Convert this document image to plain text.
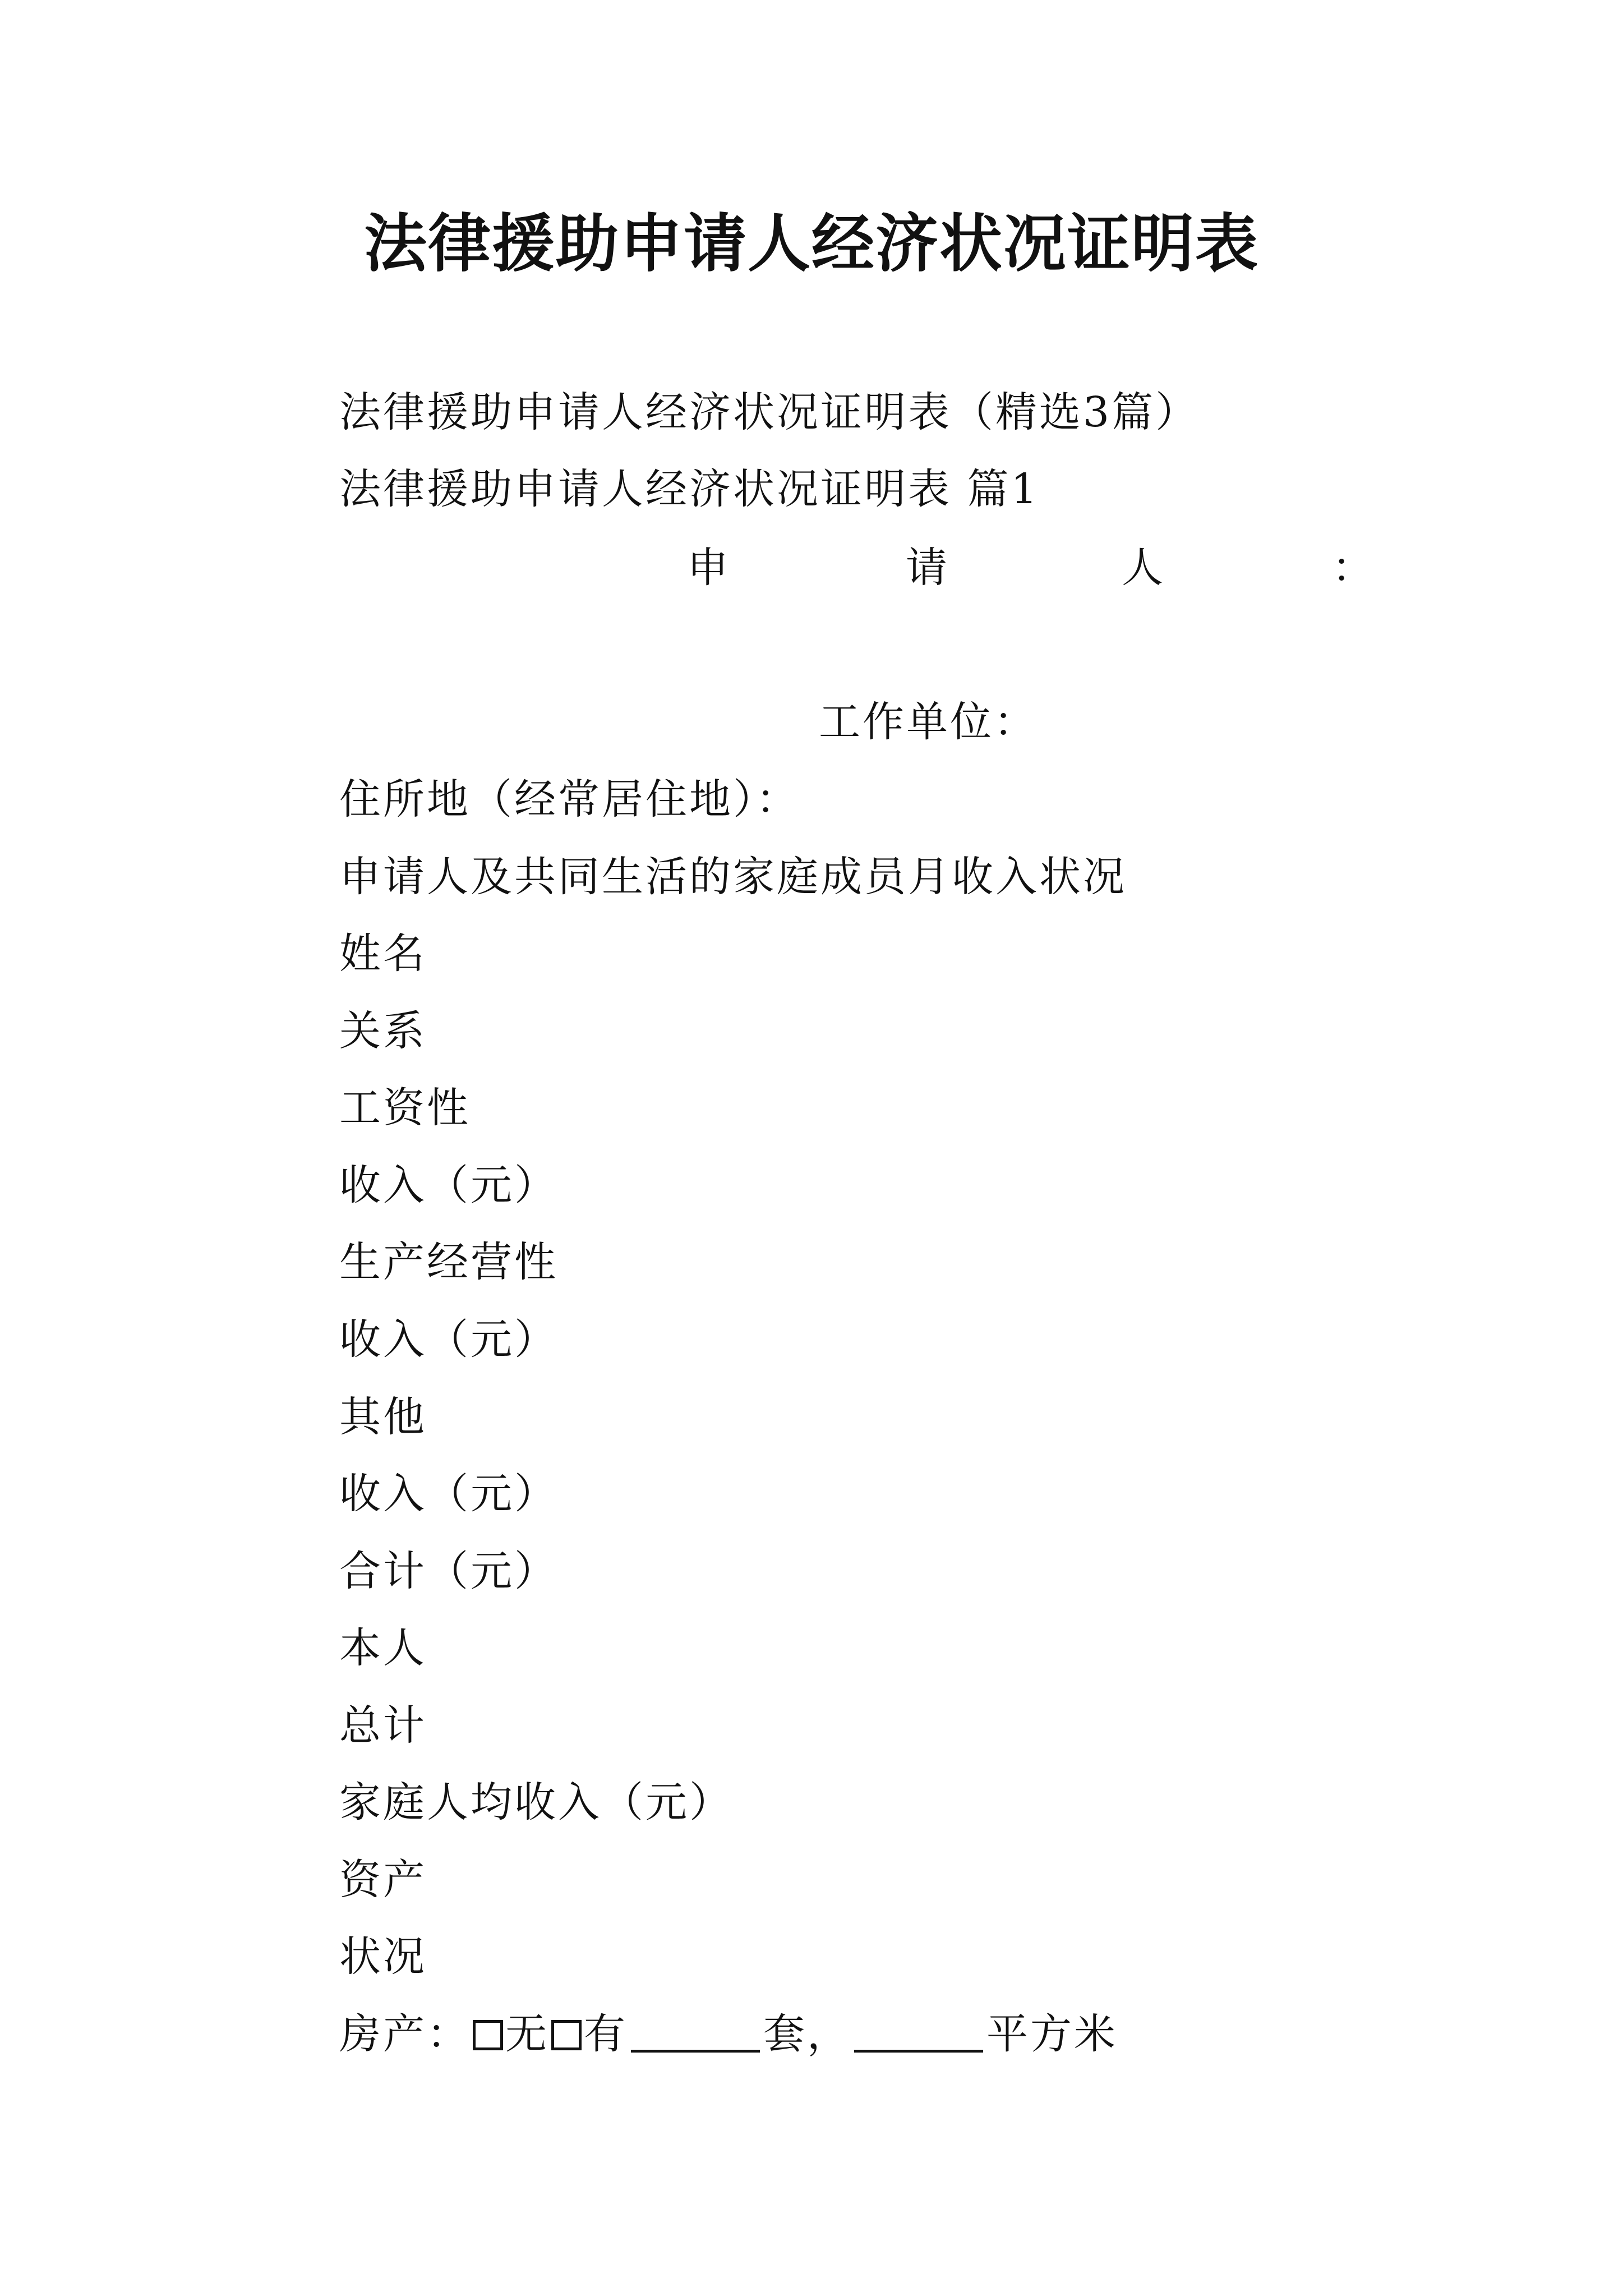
法律援助申请人经济状况证明表
法律援助申请人经济状况证明表（精选3篇）
法律援助申请人经济状况证明表 篇1
申	请	人	：
工作单位：
住所地（经常居住地）：
申请人及共同生活的家庭成员月收入状况
姓名
关系
工资性
收入（元）
生产经营性
收入（元）
其他
收入（元）
合计（元）
本人
总计
家庭人均收入（元）
资产
状况
房产： 无 有	套，	平方米
